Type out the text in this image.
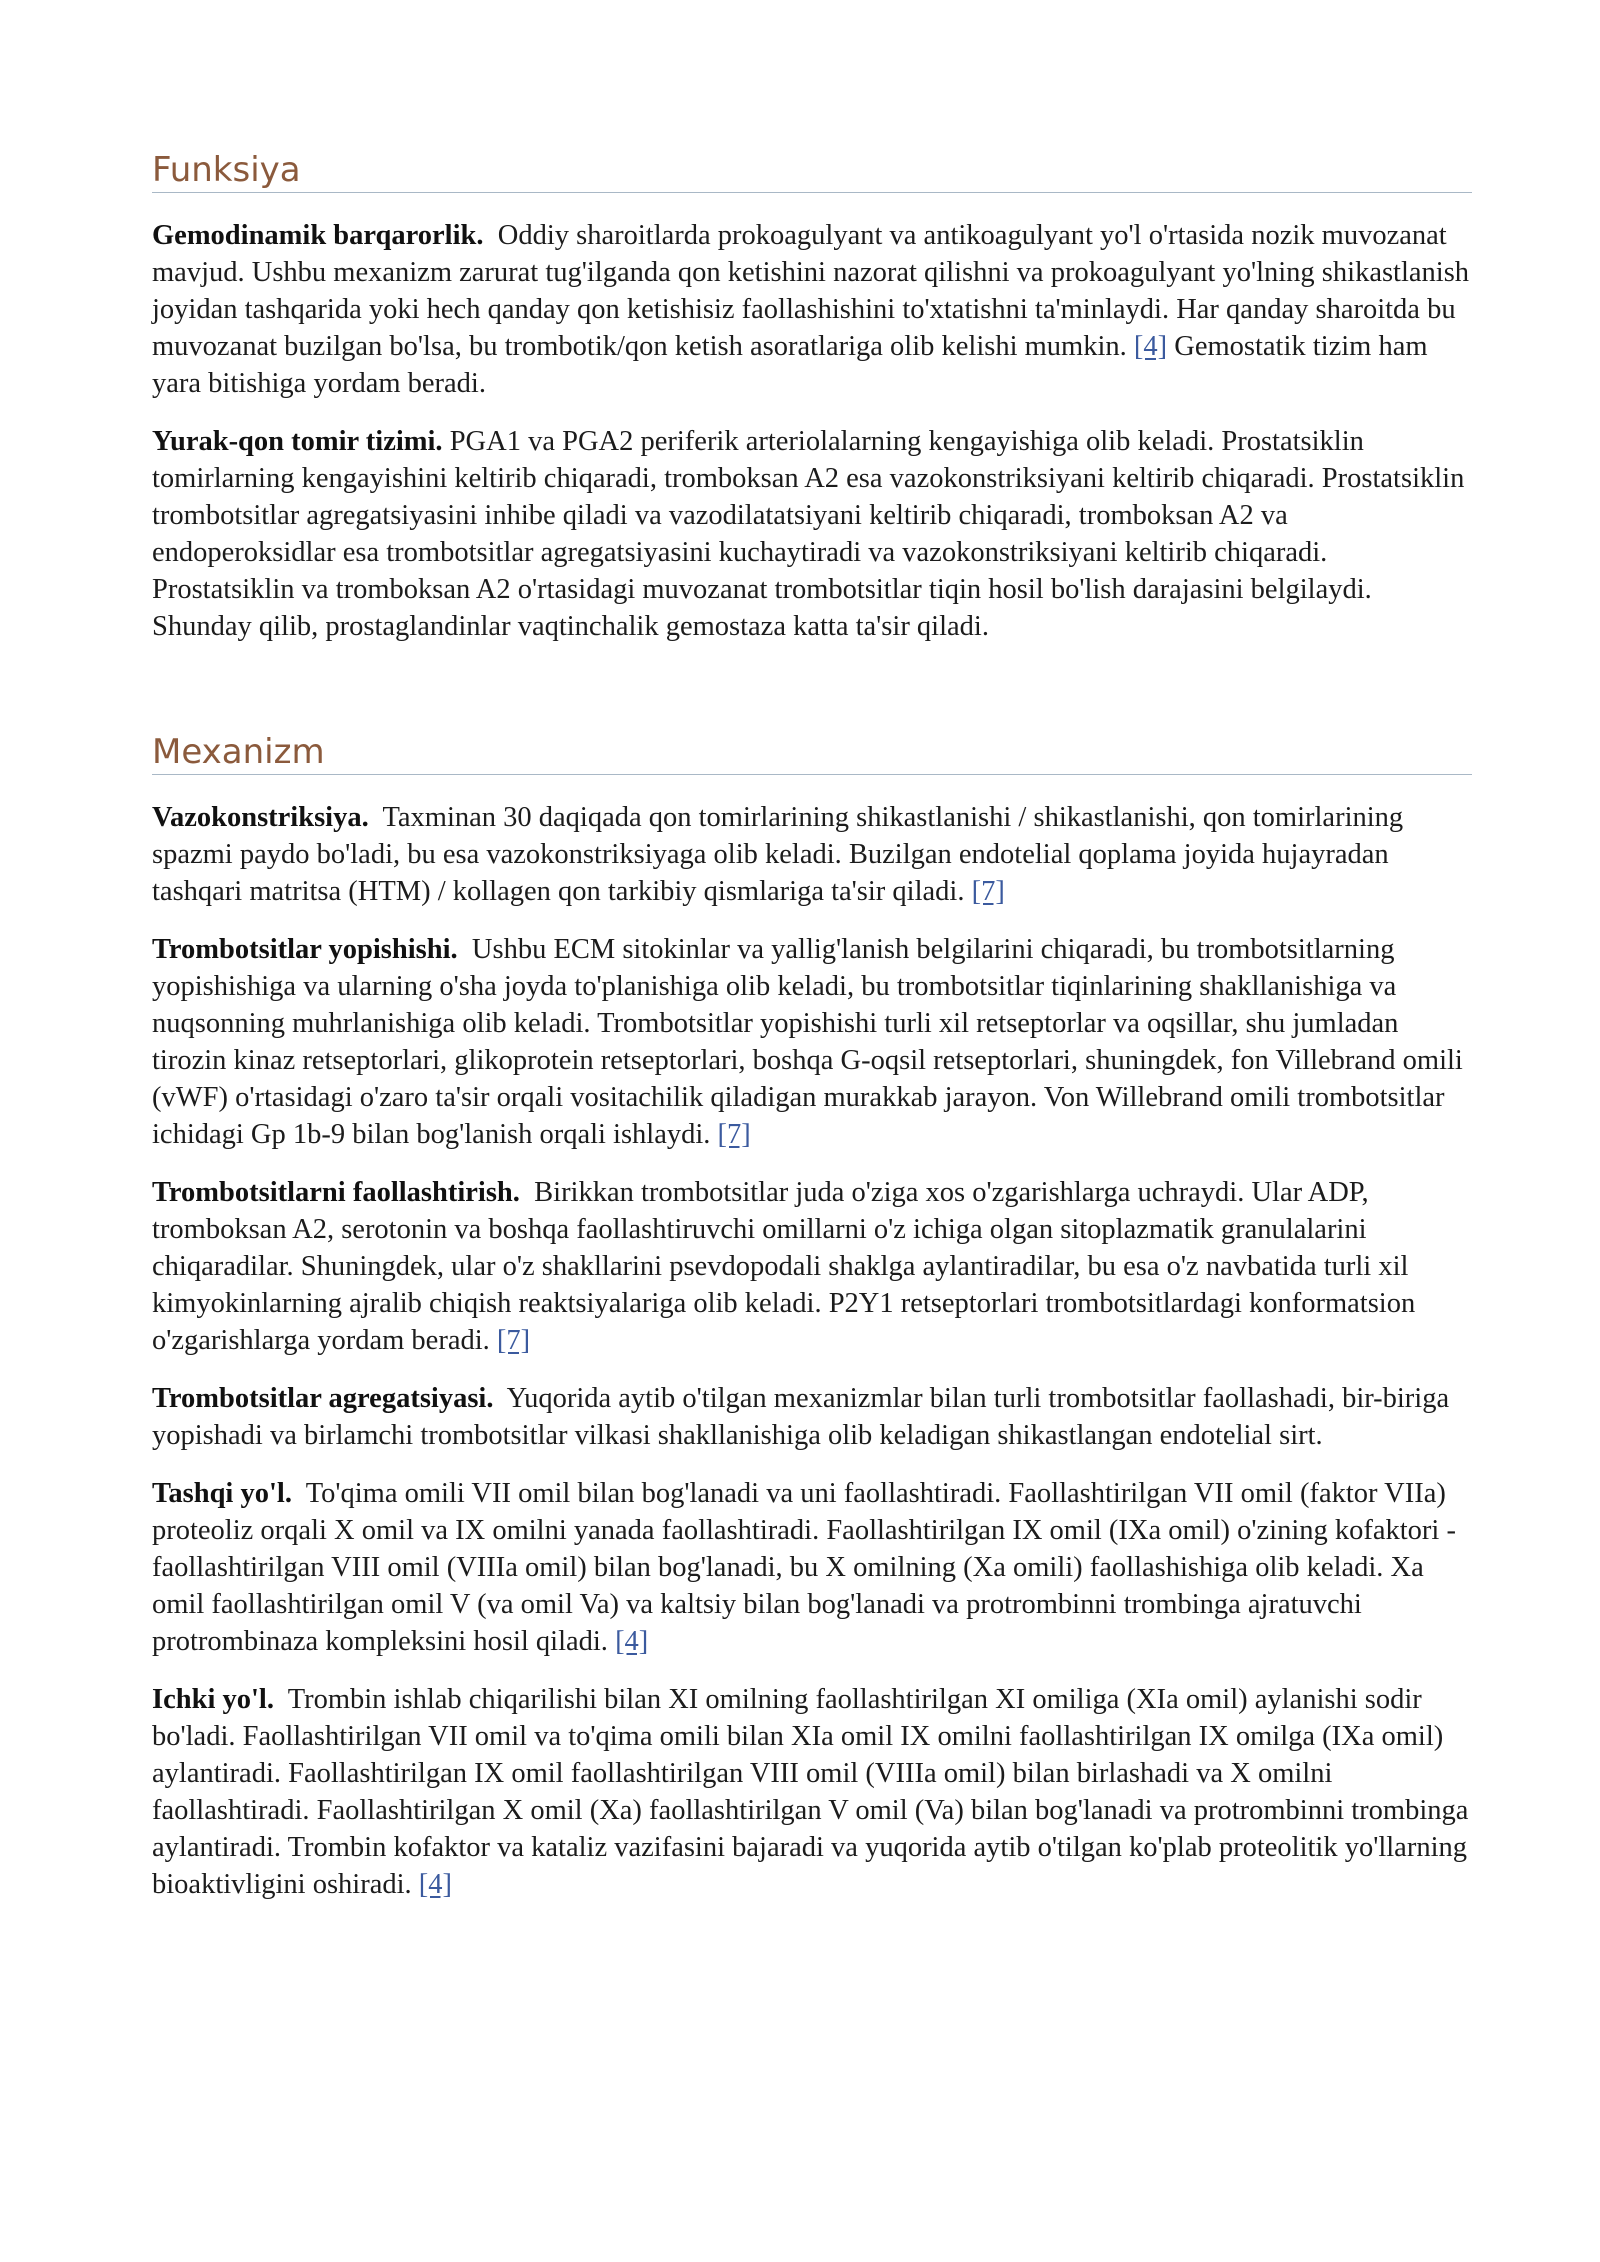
Funksiya

Gemodinamik barqarorlik. Oddiy sharoitlarda prokoagulyant va antikoagulyant yo'l o'rtasida nozik muvozanat mavjud. Ushbu mexanizm zarurat tug'ilganda qon ketishini nazorat qilishni va prokoagulyant yo'lning shikastlanish joyidan tashqarida yoki hech qanday qon ketishisiz faollashishini to'xtatishni ta'minlaydi. Har qanday sharoitda bu muvozanat buzilgan bo'lsa, bu trombotik/qon ketish asoratlariga olib kelishi mumkin. [4] Gemostatik tizim ham yara bitishiga yordam beradi.

Yurak-qon tomir tizimi. PGA1 va PGA2 periferik arteriolalarning kengayishiga olib keladi. Prostatsiklin tomirlarning kengayishini keltirib chiqaradi, tromboksan A2 esa vazokonstriksiyani keltirib chiqaradi. Prostatsiklin trombotsitlar agregatsiyasini inhibe qiladi va vazodilatatsiyani keltirib chiqaradi, tromboksan A2 va endoperoksidlar esa trombotsitlar agregatsiyasini kuchaytiradi va vazokonstriksiyani keltirib chiqaradi. Prostatsiklin va tromboksan A2 o'rtasidagi muvozanat trombotsitlar tiqin hosil bo'lish darajasini belgilaydi. Shunday qilib, prostaglandinlar vaqtinchalik gemostaza katta ta'sir qiladi.

Mexanizm

Vazokonstriksiya. Taxminan 30 daqiqada qon tomirlarining shikastlanishi / shikastlanishi, qon tomirlarining spazmi paydo bo'ladi, bu esa vazokonstriksiyaga olib keladi. Buzilgan endotelial qoplama joyida hujayradan tashqari matritsa (HTM) / kollagen qon tarkibiy qismlariga ta'sir qiladi. [7]

Trombotsitlar yopishishi. Ushbu ECM sitokinlar va yallig'lanish belgilarini chiqaradi, bu trombotsitlarning yopishishiga va ularning o'sha joyda to'planishiga olib keladi, bu trombotsitlar tiqinlarining shakllanishiga va nuqsonning muhrlanishiga olib keladi. Trombotsitlar yopishishi turli xil retseptorlar va oqsillar, shu jumladan tirozin kinaz retseptorlari, glikoprotein retseptorlari, boshqa G-oqsil retseptorlari, shuningdek, fon Villebrand omili (vWF) o'rtasidagi o'zaro ta'sir orqali vositachilik qiladigan murakkab jarayon. Von Willebrand omili trombotsitlar ichidagi Gp 1b-9 bilan bog'lanish orqali ishlaydi. [7]

Trombotsitlarni faollashtirish. Birikkan trombotsitlar juda o'ziga xos o'zgarishlarga uchraydi. Ular ADP, tromboksan A2, serotonin va boshqa faollashtiruvchi omillarni o'z ichiga olgan sitoplazmatik granulalarini chiqaradilar. Shuningdek, ular o'z shakllarini psevdopodali shaklga aylantiradilar, bu esa o'z navbatida turli xil kimyokinlarning ajralib chiqish reaktsiyalariga olib keladi. P2Y1 retseptorlari trombotsitlardagi konformatsion o'zgarishlarga yordam beradi. [7]

Trombotsitlar agregatsiyasi. Yuqorida aytib o'tilgan mexanizmlar bilan turli trombotsitlar faollashadi, bir-biriga yopishadi va birlamchi trombotsitlar vilkasi shakllanishiga olib keladigan shikastlangan endotelial sirt.

Tashqi yo'l. To'qima omili VII omil bilan bog'lanadi va uni faollashtiradi. Faollashtirilgan VII omil (faktor VIIa) proteoliz orqali X omil va IX omilni yanada faollashtiradi. Faollashtirilgan IX omil (IXa omil) o'zining kofaktori - faollashtirilgan VIII omil (VIIIa omil) bilan bog'lanadi, bu X omilning (Xa omili) faollashishiga olib keladi. Xa omil faollashtirilgan omil V (va omil Va) va kaltsiy bilan bog'lanadi va protrombinni trombinga ajratuvchi protrombinaza kompleksini hosil qiladi. [4]

Ichki yo'l. Trombin ishlab chiqarilishi bilan XI omilning faollashtirilgan XI omiliga (XIa omil) aylanishi sodir bo'ladi. Faollashtirilgan VII omil va to'qima omili bilan XIa omil IX omilni faollashtirilgan IX omilga (IXa omil) aylantiradi. Faollashtirilgan IX omil faollashtirilgan VIII omil (VIIIa omil) bilan birlashadi va X omilni faollashtiradi. Faollashtirilgan X omil (Xa) faollashtirilgan V omil (Va) bilan bog'lanadi va protrombinni trombinga aylantiradi. Trombin kofaktor va kataliz vazifasini bajaradi va yuqorida aytib o'tilgan ko'plab proteolitik yo'llarning bioaktivligini oshiradi. [4]
